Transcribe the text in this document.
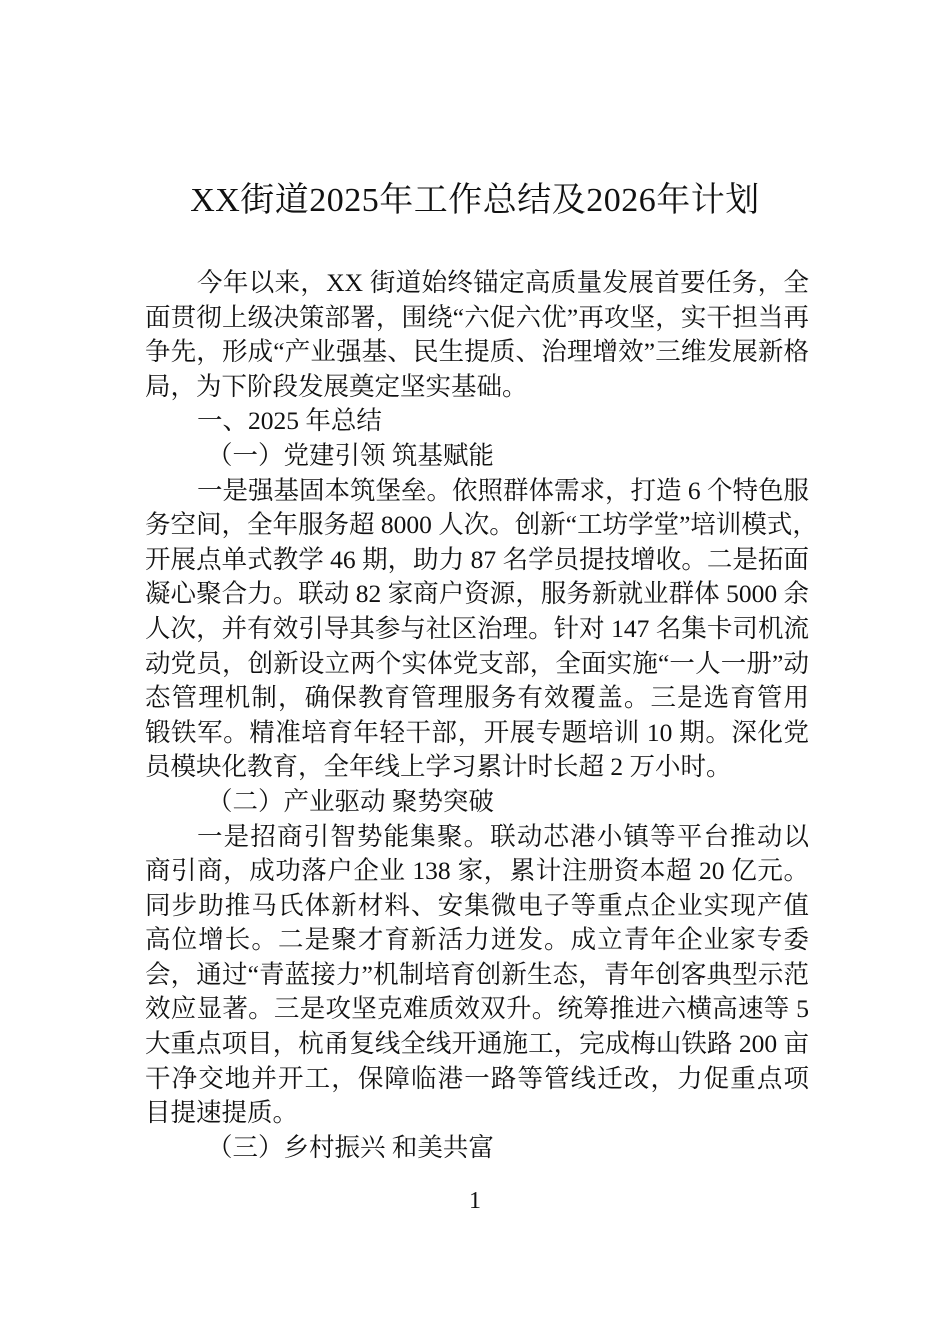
XX街道2025年工作总结及2026年计划
今年以来，XX 街道始终锚定高质量发展首要任务，全
面贯彻上级决策部署，围绕“六促六优”再攻坚，实干担当再
争先，形成“产业强基、民生提质、治理增效”三维发展新格
局，为下阶段发展奠定坚实基础。
一、2025 年总结
（一）党建引领 筑基赋能
一是强基固本筑堡垒。依照群体需求，打造 6 个特色服
务空间，全年服务超 8000 人次。创新“工坊学堂”培训模式，
开展点单式教学 46 期，助力 87 名学员提技增收。二是拓面
凝心聚合力。联动 82 家商户资源，服务新就业群体 5000 余
人次，并有效引导其参与社区治理。针对 147 名集卡司机流
动党员，创新设立两个实体党支部，全面实施“一人一册”动
态管理机制，确保教育管理服务有效覆盖。三是选育管用
锻铁军。精准培育年轻干部，开展专题培训 10 期。深化党
员模块化教育，全年线上学习累计时长超 2 万小时。
（二）产业驱动 聚势突破
一是招商引智势能集聚。联动芯港小镇等平台推动以
商引商，成功落户企业 138 家，累计注册资本超 20 亿元。
同步助推马氏体新材料、安集微电子等重点企业实现产值
高位增长。二是聚才育新活力迸发。成立青年企业家专委
会，通过“青蓝接力”机制培育创新生态，青年创客典型示范
效应显著。三是攻坚克难质效双升。统筹推进六横高速等 5
大重点项目，杭甬复线全线开通施工，完成梅山铁路 200 亩
干净交地并开工，保障临港一路等管线迁改，力促重点项
目提速提质。
（三）乡村振兴 和美共富
1
